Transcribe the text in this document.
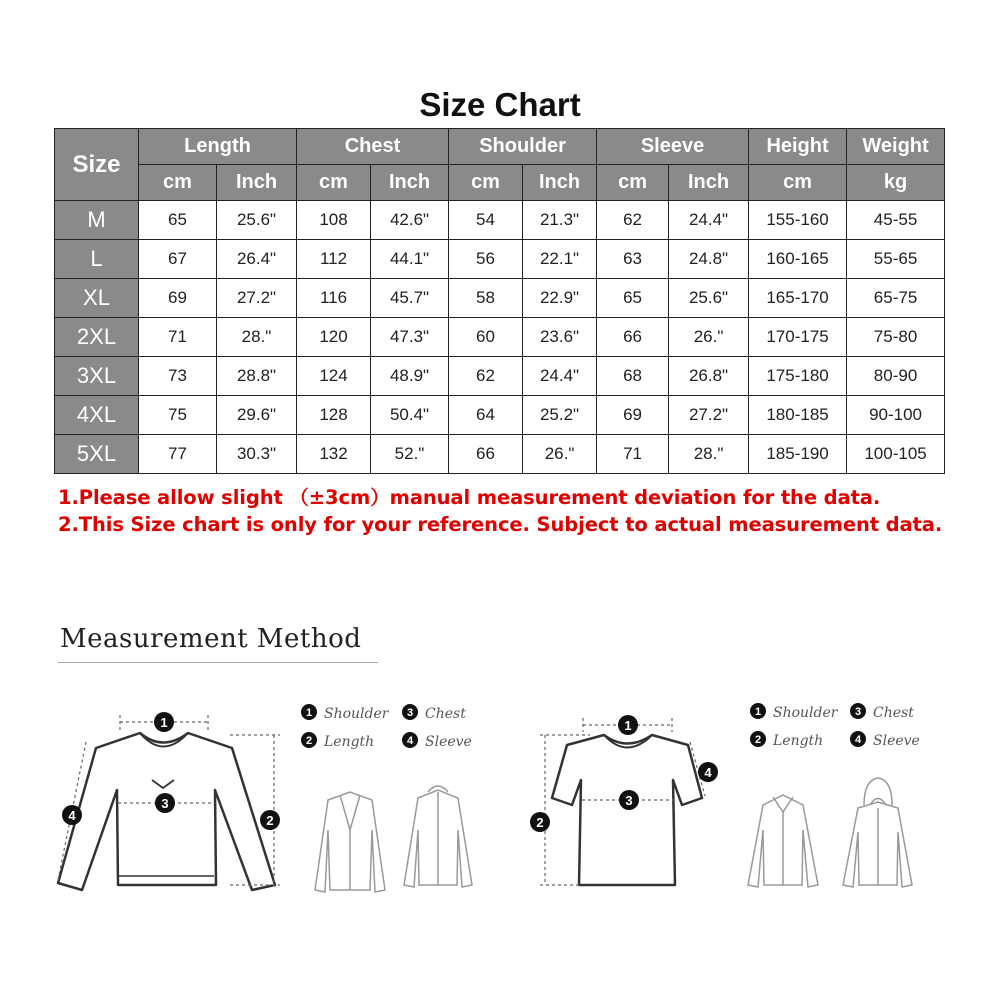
Size Chart
Size	Length		Chest		Shoulder		Sleeve		Height	Weight
	cm	Inch	cm	Inch	cm	Inch	cm	Inch	cm	kg
M	65	25.6"	108	42.6"	54	21.3"	62	24.4"	155-160	45-55
L	67	26.4"	112	44.1"	56	22.1"	63	24.8"	160-165	55-65
XL	69	27.2"	116	45.7"	58	22.9"	65	25.6"	165-170	65-75
2XL	71	28."	120	47.3"	60	23.6"	66	26."	170-175	75-80
3XL	73	28.8"	124	48.9"	62	24.4"	68	26.8"	175-180	80-90
4XL	75	29.6"	128	50.4"	64	25.2"	69	27.2"	180-185	90-100
5XL	77	30.3"	132	52."	66	26."	71	28."	185-190	100-105
1.Please allow slight （±3cm）manual measurement deviation for the data.
2.This Size chart is only for your reference. Subject to actual measurement data.
Measurement Method
1
3
2
4
1 Shoulder 3 Chest
2 Length	4 Sleeve
1
3
2
4
1 Shoulder 3 Chest
2 Length	4 Sleeve
